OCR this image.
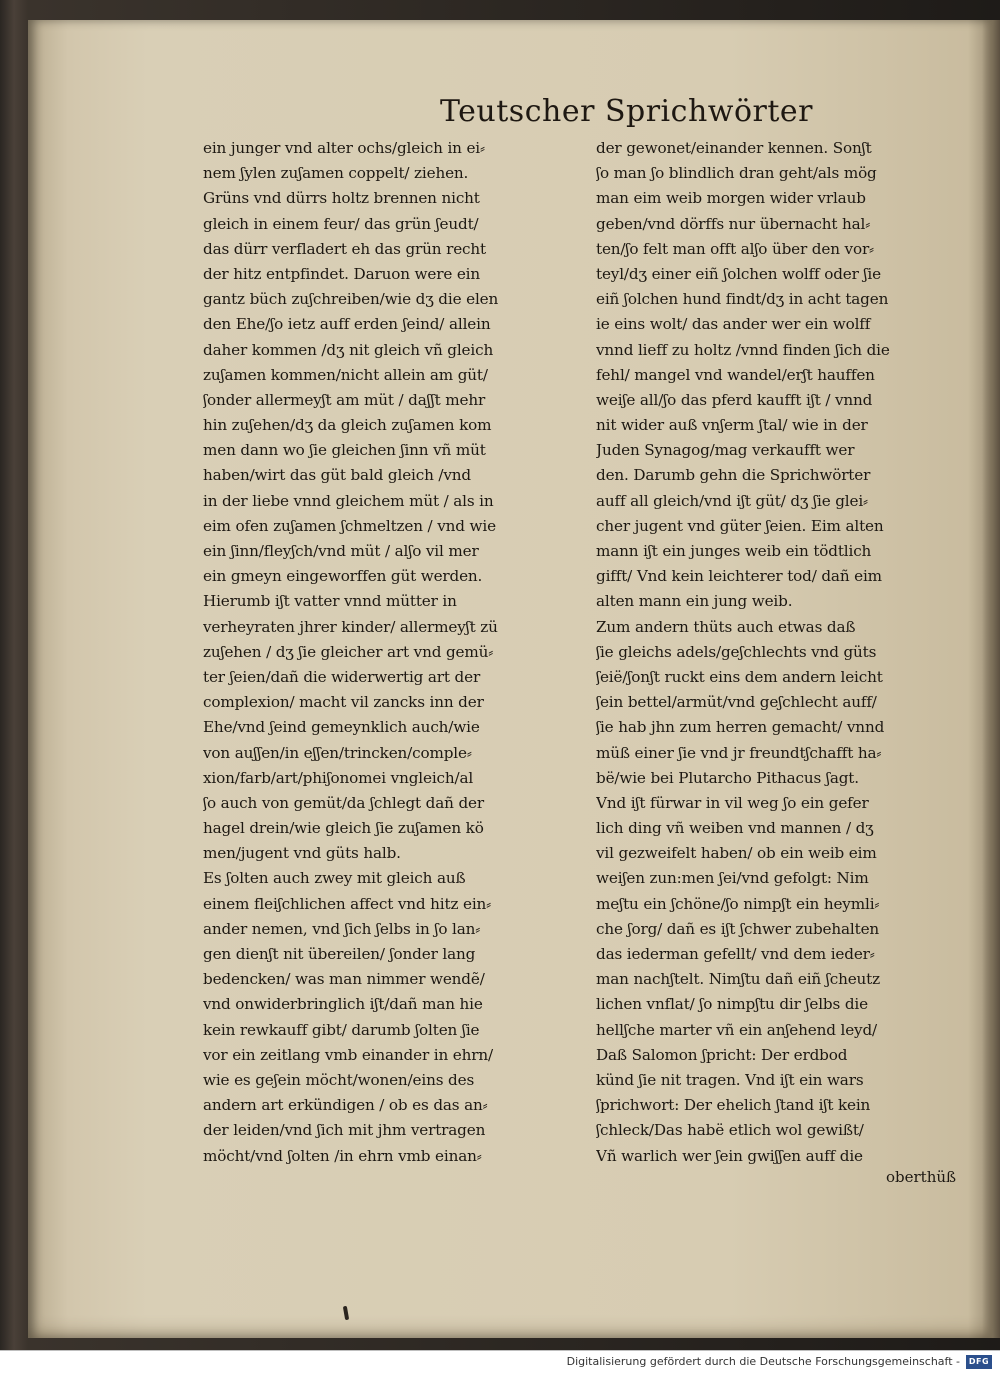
Teutscher Sprichwörter
ein junger vnd alter ochs/gleich in ei⸗
nem ʃylen zuʃamen coppelt/ ziehen.
Grüns vnd dürrs holtz brennen nicht
gleich in einem feur/ das grün ʃeudt/
das dürr verfladert eh das grün recht
der hitz entpfindet. Daruon were ein
gantz büch zuʃchreiben/wie dʒ die elen
den Ehe/ʃo ietz auff erden ʃeind/ allein
daher kommen /dʒ nit gleich vñ gleich
zuʃamen kommen/nicht allein am güt/
ʃonder allermeyʃt am müt / daʃʃt mehr
hin zuʃehen/dʒ da gleich zuʃamen kom
men dann wo ʃie gleichen ʃinn vñ müt
haben/wirt das güt bald gleich /vnd
in der liebe vnnd gleichem müt / als in
eim ofen zuʃamen ʃchmeltzen / vnd wie
ein ʃinn/fleyʃch/vnd müt / alʃo vil mer
ein gmeyn eingeworffen güt werden.
Hierumb iʃt vatter vnnd mütter in
verheyraten jhrer kinder/ allermeyʃt zü
zuʃehen / dʒ ʃie gleicher art vnd gemü⸗
ter ʃeien/dañ die widerwertig art der
complexion/ macht vil zancks inn der
Ehe/vnd ʃeind gemeynklich auch/wie
von auʃʃen/in eʃʃen/trincken/comple⸗
xion/farb/art/phiʃonomei vngleich/al
ʃo auch von gemüt/da ʃchlegt dañ der
hagel drein/wie gleich ʃie zuʃamen kö
men/jugent vnd güts halb.
Es ʃolten auch zwey mit gleich auß
einem fleiʃchlichen affect vnd hitz ein⸗
ander nemen, vnd ʃich ʃelbs in ʃo lan⸗
gen dienʃt nit übereilen/ ʃonder lang
bedencken/ was man nimmer wendẽ/
vnd onwiderbringlich iʃt/dañ man hie
kein rewkauff gibt/ darumb ʃolten ʃie
vor ein zeitlang vmb einander in ehrn/
wie es geʃein möcht/wonen/eins des
andern art erkündigen / ob es das an⸗
der leiden/vnd ʃich mit jhm vertragen
möcht/vnd ʃolten /in ehrn vmb einan⸗
der gewonet/einander kennen. Sonʃt
ʃo man ʃo blindlich dran geht/als mög
man eim weib morgen wider vrlaub
geben/vnd dörffs nur übernacht hal⸗
ten/ʃo felt man offt alʃo über den vor⸗
teyl/dʒ einer eiñ ʃolchen wolff oder ʃie
eiñ ʃolchen hund findt/dʒ in acht tagen
ie eins wolt/ das ander wer ein wolff
vnnd lieff zu holtz /vnnd finden ʃich die
fehl/ mangel vnd wandel/erʃt hauffen
weiʃe all/ʃo das pferd kaufft iʃt / vnnd
nit wider auß vnʃerm ʃtal/ wie in der
Juden Synagog/mag verkaufft wer
den. Darumb gehn die Sprichwörter
auff all gleich/vnd iʃt güt/ dʒ ʃie glei⸗
cher jugent vnd güter ʃeien. Eim alten
mann iʃt ein junges weib ein tödtlich
gifft/ Vnd kein leichterer tod/ dañ eim
alten mann ein jung weib.
Zum andern thüts auch etwas daß
ʃie gleichs adels/geʃchlechts vnd güts
ʃeië/ʃonʃt ruckt eins dem andern leicht
ʃein bettel/armüt/vnd geʃchlecht auff/
ʃie hab jhn zum herren gemacht/ vnnd
müß einer ʃie vnd jr freundtʃchafft ha⸗
bë/wie bei Plutarcho Pithacus ʃagt.
Vnd iʃt fürwar in vil weg ʃo ein gefer
lich ding vñ weiben vnd mannen / dʒ
vil gezweifelt haben/ ob ein weib eim
weiʃen zun:men ʃei/vnd gefolgt: Nim
meʃtu ein ʃchöne/ʃo nimpʃt ein heymli⸗
che ʃorg/ dañ es iʃt ʃchwer zubehalten
das iederman gefellt/ vnd dem ieder⸗
man nachʃtelt. Nimʃtu dañ eiñ ʃcheutz
lichen vnflat/ ʃo nimpʃtu dir ʃelbs die
hellʃche marter vñ ein anʃehend leyd/
Daß Salomon ʃpricht: Der erdbod
künd ʃie nit tragen. Vnd iʃt ein wars
ʃprichwort: Der ehelich ʃtand iʃt kein
ʃchleck/Das habë etlich wol gewißt/
Vñ warlich wer ʃein gwiʃʃen auff die
oberthüß
Digitalisierung gefördert durch die Deutsche Forschungsgemeinschaft -	DFG
